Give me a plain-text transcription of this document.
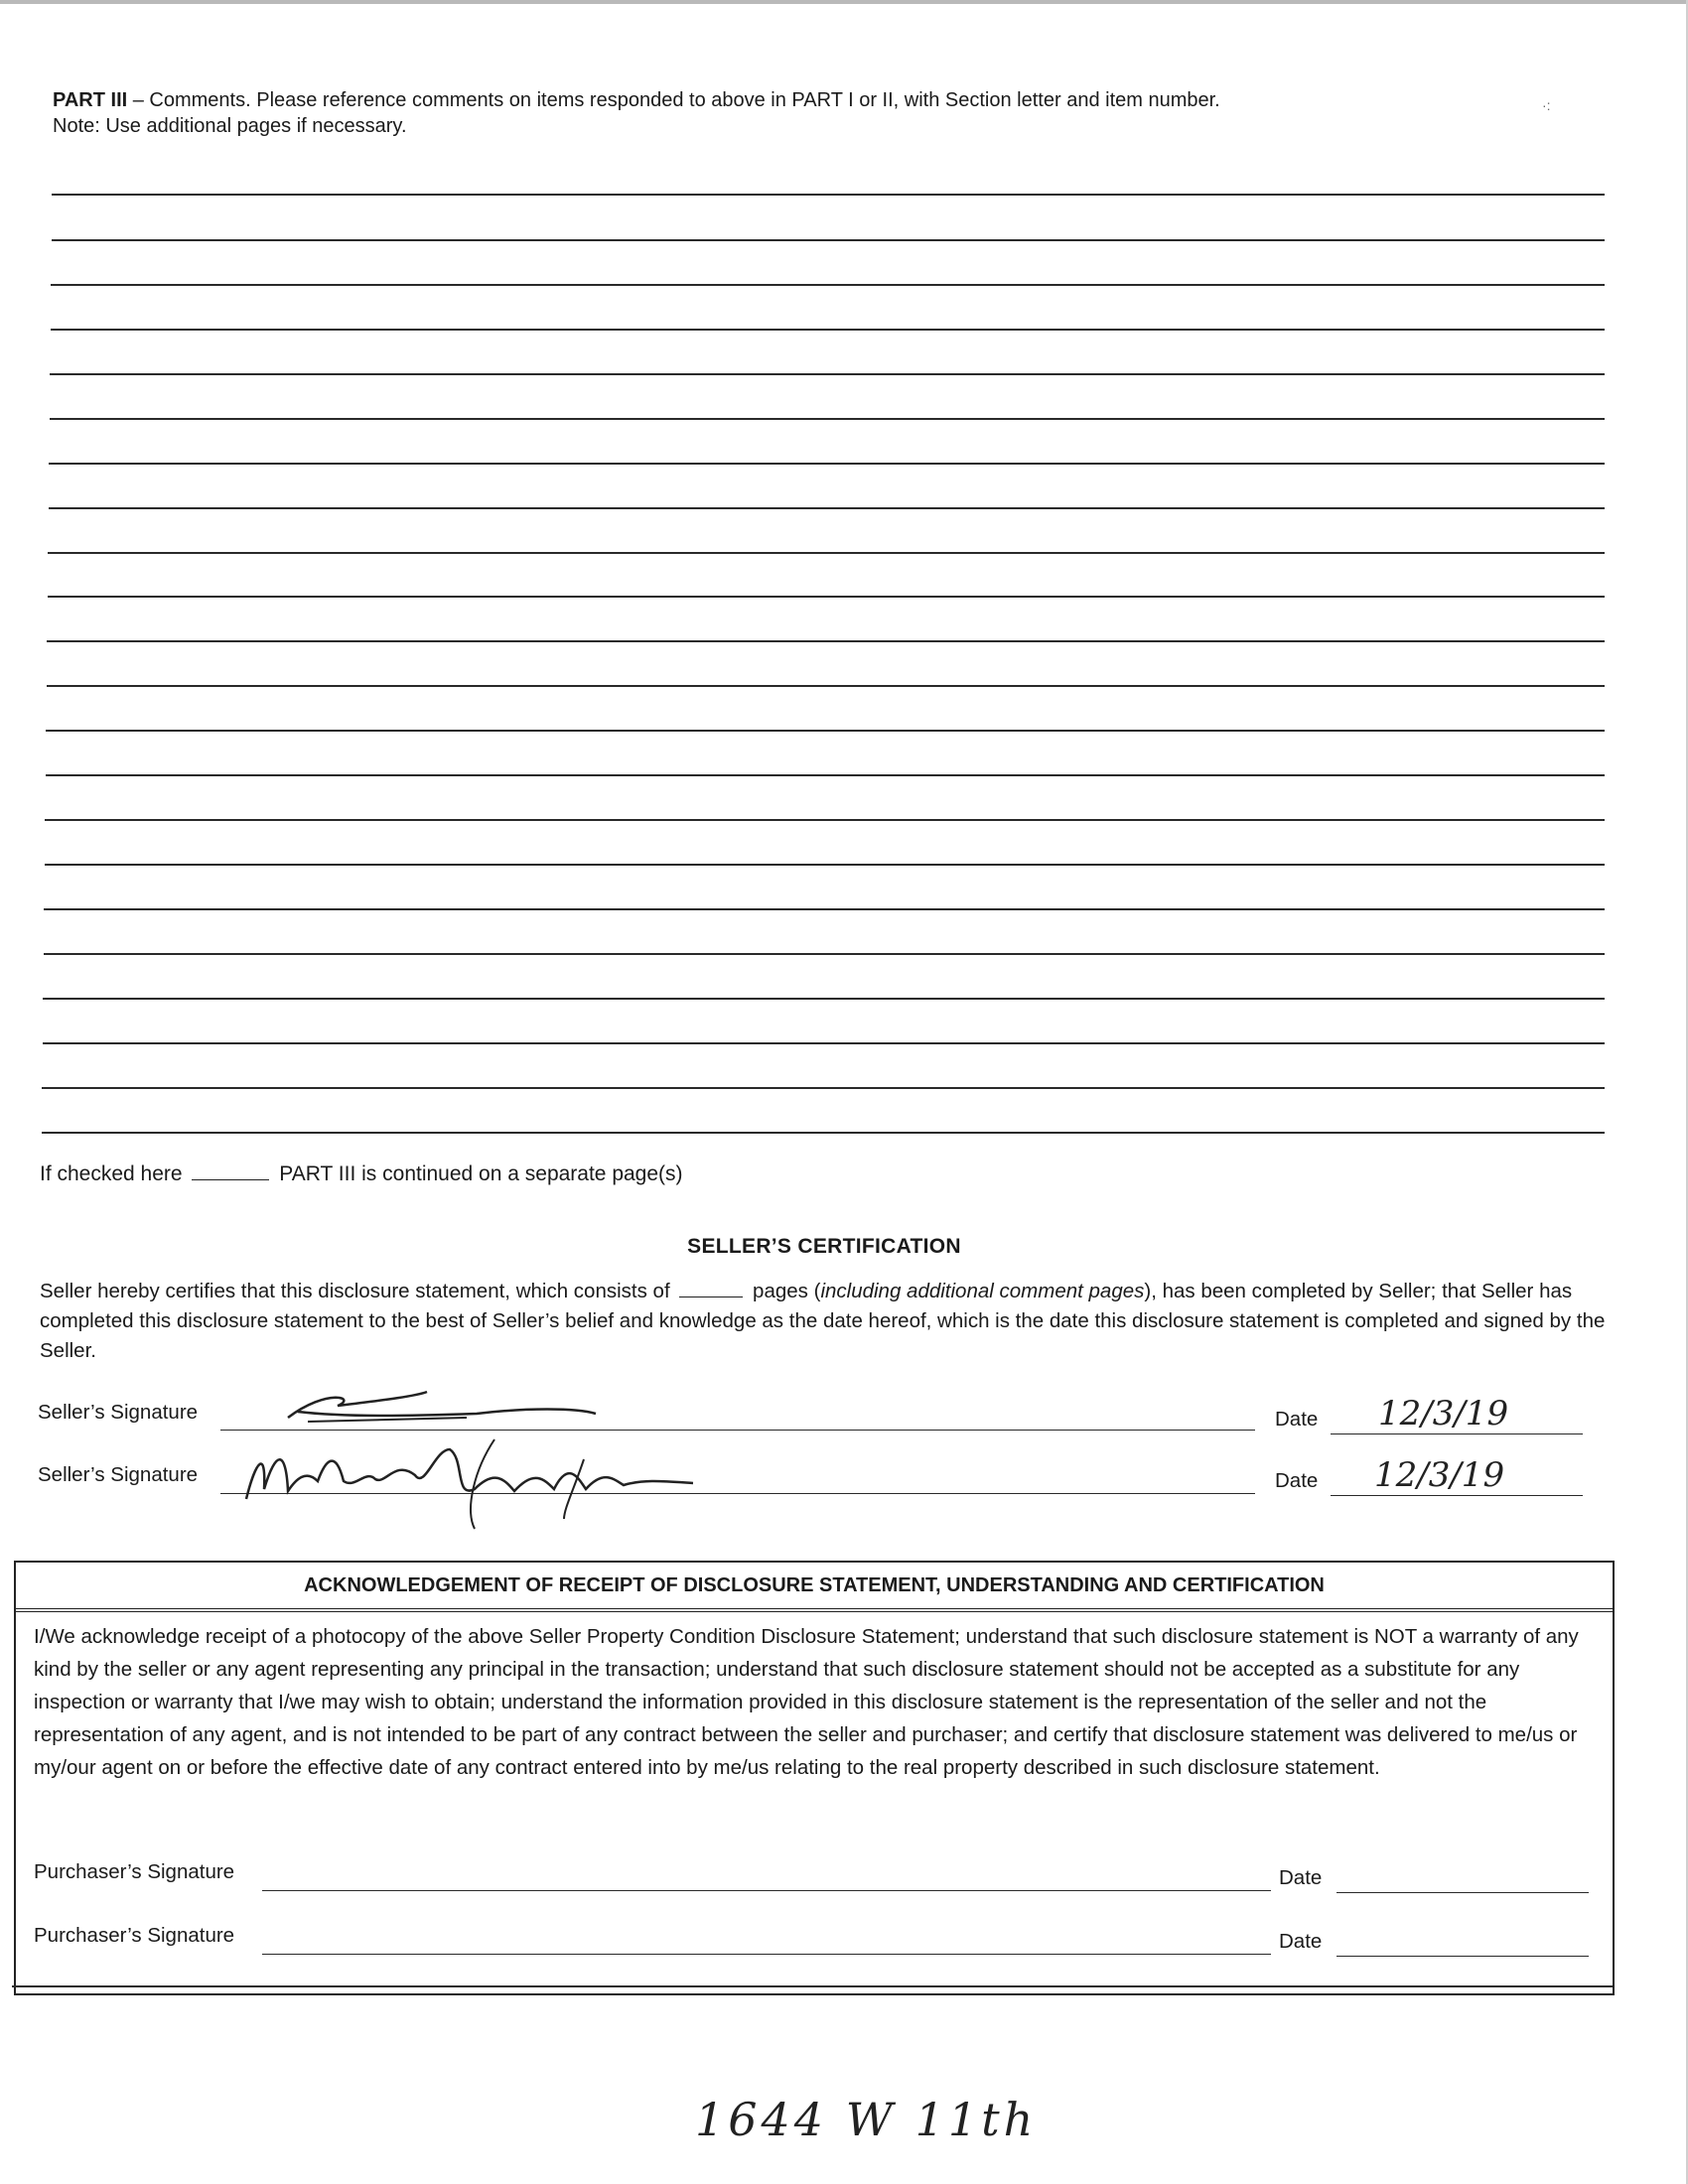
PART III – Comments. Please reference comments on items responded to above in PART I or II, with Section letter and item number.
Note: Use additional pages if necessary.
·:
If checked here	PART III is continued on a separate page(s)
SELLER’S CERTIFICATION
Seller hereby certifies that this disclosure statement, which consists of	pages (including additional comment pages), has been completed by Seller; that Seller has completed this disclosure statement to the best of Seller’s belief and knowledge as the date hereof, which is the date this disclosure statement is completed and signed by the Seller.
Seller’s Signature	Date 12/3/19
Seller’s Signature	Date 12/3/19
ACKNOWLEDGEMENT OF RECEIPT OF DISCLOSURE STATEMENT, UNDERSTANDING AND CERTIFICATION
I/We acknowledge receipt of a photocopy of the above Seller Property Condition Disclosure Statement; understand that such disclosure statement is NOT a warranty of any kind by the seller or any agent representing any principal in the transaction; understand that such disclosure statement should not be accepted as a substitute for any inspection or warranty that I/we may wish to obtain; understand the information provided in this disclosure statement is the representation of the seller and not the representation of any agent, and is not intended to be part of any contract between the seller and purchaser; and certify that disclosure statement was delivered to me/us or my/our agent on or before the effective date of any contract entered into by me/us relating to the real property described in such disclosure statement.
Purchaser’s Signature	Date
Purchaser’s Signature	Date
1644 W 11th
